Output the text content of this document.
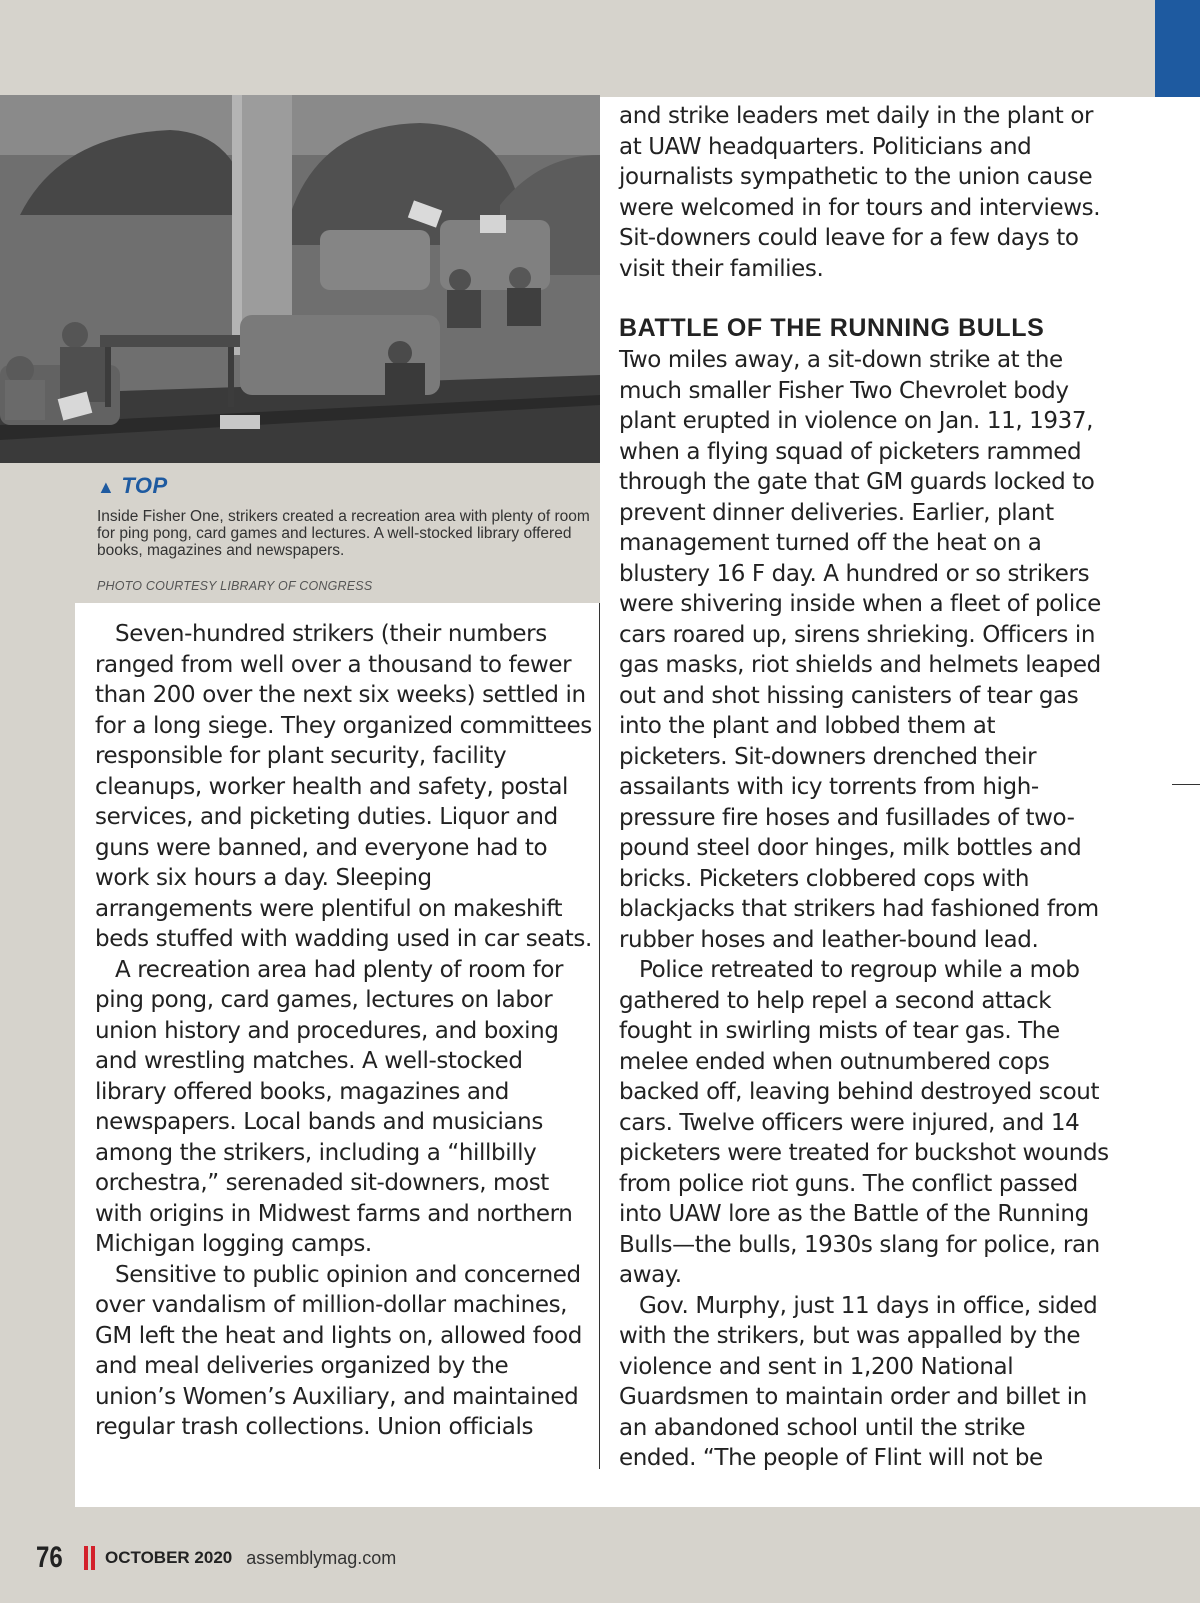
▲ TOP
Inside Fisher One, strikers created a recreation area with plenty of room for ping pong, card games and lectures. A well-stocked library offered books, magazines and newspapers.
PHOTO COURTESY LIBRARY OF CONGRESS

and strike leaders met daily in the plant or at UAW headquarters. Politicians and journalists sympathetic to the union cause were welcomed in for tours and interviews. Sit-downers could leave for a few days to visit their families.

Seven-hundred strikers (their numbers ranged from well over a thousand to fewer than 200 over the next six weeks) settled in for a long siege. They organized committees responsible for plant security, facility cleanups, worker health and safety, postal services, and picketing duties. Liquor and guns were banned, and everyone had to work six hours a day. Sleeping arrangements were plentiful on makeshift beds stuffed with wadding used in car seats.

A recreation area had plenty of room for ping pong, card games, lectures on labor union history and procedures, and boxing and wrestling matches. A well-stocked library offered books, magazines and newspapers. Local bands and musicians among the strikers, including a “hillbilly orchestra,” serenaded sit-downers, most with origins in Midwest farms and northern Michigan logging camps.

Sensitive to public opinion and concerned over vandalism of million-dollar machines, GM left the heat and lights on, allowed food and meal deliveries organized by the union’s Women’s Auxiliary, and maintained regular trash collections. Union officials

BATTLE OF THE RUNNING BULLS

Two miles away, a sit-down strike at the much smaller Fisher Two Chevrolet body plant erupted in violence on Jan. 11, 1937, when a flying squad of picketers rammed through the gate that GM guards locked to prevent dinner deliveries. Earlier, plant management turned off the heat on a blustery 16 F day. A hundred or so strikers were shivering inside when a fleet of police cars roared up, sirens shrieking. Officers in gas masks, riot shields and helmets leaped out and shot hissing canisters of tear gas into the plant and lobbed them at picketers. Sit-downers drenched their assailants with icy torrents from high-pressure fire hoses and fusillades of two-pound steel door hinges, milk bottles and bricks. Picketers clobbered cops with blackjacks that strikers had fashioned from rubber hoses and leather-bound lead.

Police retreated to regroup while a mob gathered to help repel a second attack fought in swirling mists of tear gas. The melee ended when outnumbered cops backed off, leaving behind destroyed scout cars. Twelve officers were injured, and 14 picketers were treated for buckshot wounds from police riot guns. The conflict passed into UAW lore as the Battle of the Running Bulls—the bulls, 1930s slang for police, ran away.

Gov. Murphy, just 11 days in office, sided with the strikers, but was appalled by the violence and sent in 1,200 National Guardsmen to maintain order and billet in an abandoned school until the strike ended. “The people of Flint will not be

76 OCTOBER 2020 assemblymag.com
